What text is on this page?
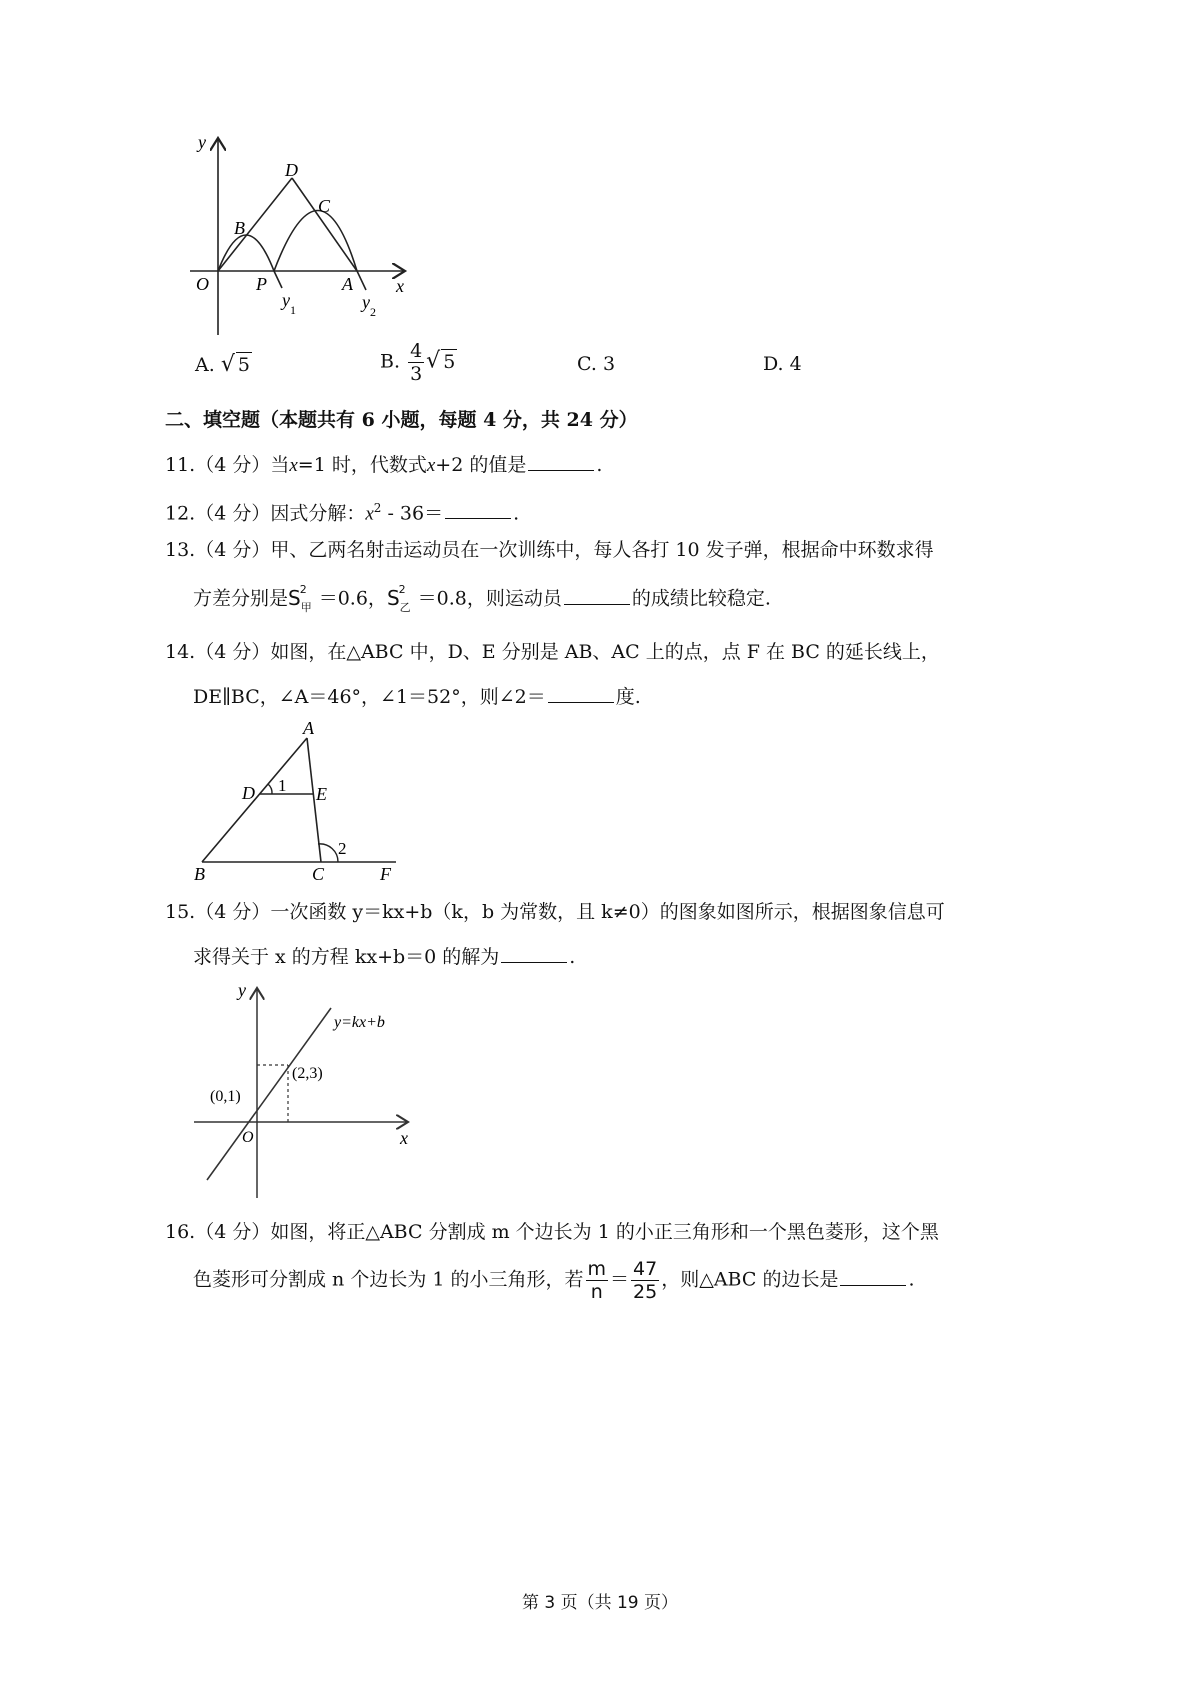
y
x
O
B
D
C
P	A
y 1	y 2
A. √ 5	B. $\frac{4}{3}$ √ 5	C. 3	D. 4
二、填空题（本题共有 6 小题，每题 4 分，共 24 分）
11.（4 分）当x=1 时，代数式x+2 的值是	.
12.（4 分）因式分解：$x^2 - 36=$	.
13.（4 分）甲、乙两名射击运动员在一次训练中，每人各打 10 发子弹，根据命中环数求得
方差分别是$S_甲^2 =0.6$，$S_乙^2 =0.8$，则运动员	的成绩比较稳定.
14.（4 分）如图，在△ABC 中，D、E 分别是 AB、AC 上的点，点 F 在 BC 的延长线上，
DE∥BC，∠A＝46°，∠1＝52°，则∠2＝	度.
A
D	E
1
2
B	C	F
15.（4 分）一次函数 y＝kx+b（k，b 为常数，且 k≠0）的图象如图所示，根据图象信息可
求得关于 x 的方程 kx+b＝0 的解为	.
y
x
O
y=kx+b
(0,1)
(2,3)
16.（4 分）如图，将正△ABC 分割成 m 个边长为 1 的小正三角形和一个黑色菱形，这个黑
色菱形可分割成 n 个边长为 1 的小三角形，若 $\frac{m}{n} = \frac{47}{25}$ ，则△ABC 的边长是	.
第 3 页（共 19 页）
